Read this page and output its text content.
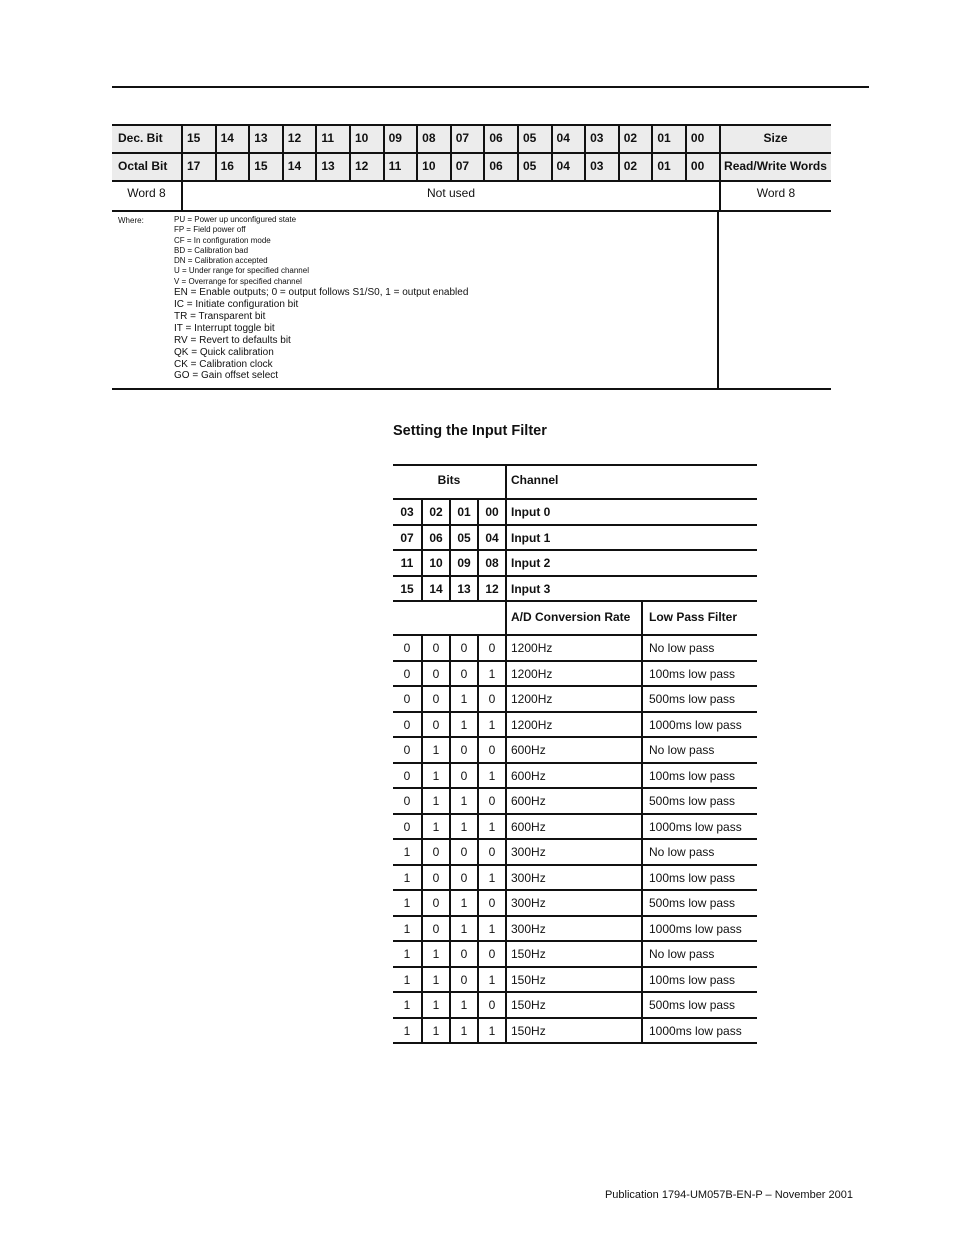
Dec. Bit	15	14	13	12	11	10	09	08	07	06	05	04	03	02	01	00	Size
Octal Bit	17	16	15	14	13	12	11	10	07	06	05	04	03	02	01	00	Read/Write Words
Word 8	Not used	Word 8
Where:	PU = Power up unconfigured state
FP = Field power off
CF = In configuration mode
BD = Calibration bad
DN = Calibration accepted
U = Under range for specified channel
V = Overrange for specified channel
EN = Enable outputs; 0 = output follows S1/S0, 1 = output enabled
IC = Initiate configuration bit
TR = Transparent bit
IT = Interrupt toggle bit
RV = Revert to defaults bit
QK = Quick calibration
CK = Calibration clock
GO = Gain offset select
Setting the Input Filter
Bits	Channel
03	02	01	00	Input 0
07	06	05	04	Input 1
11	10	09	08	Input 2
15	14	13	12	Input 3
A/D Conversion Rate	Low Pass Filter
0	0	0	0	1200Hz	No low pass
0	0	0	1	1200Hz	100ms low pass
0	0	1	0	1200Hz	500ms low pass
0	0	1	1	1200Hz	1000ms low pass
0	1	0	0	600Hz	No low pass
0	1	0	1	600Hz	100ms low pass
0	1	1	0	600Hz	500ms low pass
0	1	1	1	600Hz	1000ms low pass
1	0	0	0	300Hz	No low pass
1	0	0	1	300Hz	100ms low pass
1	0	1	0	300Hz	500ms low pass
1	0	1	1	300Hz	1000ms low pass
1	1	0	0	150Hz	No low pass
1	1	0	1	150Hz	100ms low pass
1	1	1	0	150Hz	500ms low pass
1	1	1	1	150Hz	1000ms low pass
Publication 1794-UM057B-EN-P – November 2001
